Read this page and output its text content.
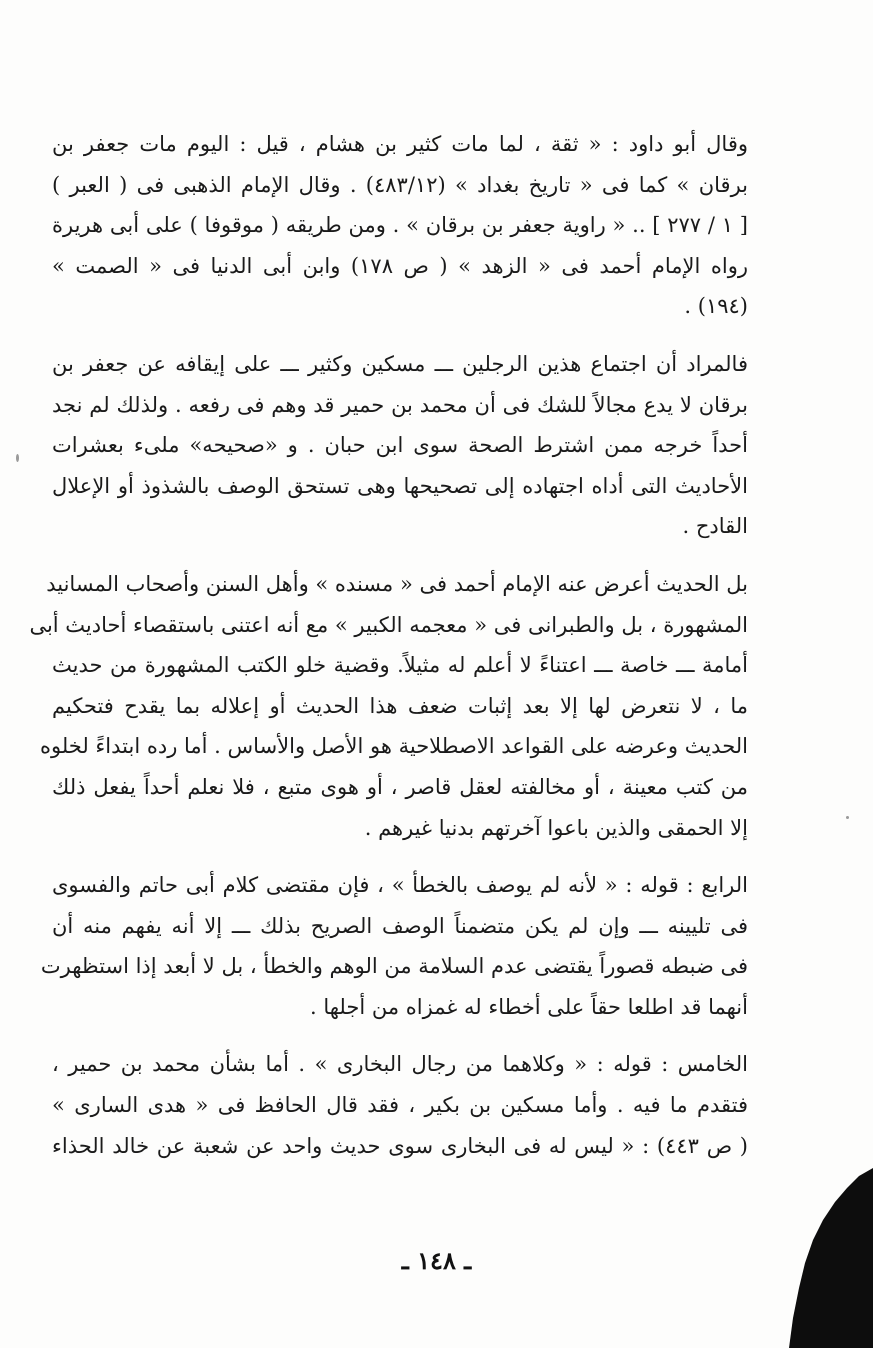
وقال أبو داود : « ثقة ، لما مات كثير بن هشام ، قيل : اليوم مات جعفر بن
برقان » كما فى « تاريخ بغداد » (٤٨٣/١٢) . وقال الإمام الذهبى فى ( العبر )
[ ١ / ٢٧٧ ] .. « راوية جعفر بن برقان » . ومن طريقه ( موقوفا ) على أبى هريرة
رواه الإمام أحمد فى « الزهد » ( ص ١٧٨) وابن أبى الدنيا فى « الصمت »
(١٩٤) .

فالمراد أن اجتماع هذين الرجلين ـــ مسكين وكثير ـــ على إيقافه عن جعفر بن
برقان لا يدع مجالاً للشك فى أن محمد بن حمير قد وهم فى رفعه . ولذلك لم نجد
أحداً خرجه ممن اشترط الصحة سوى ابن حبان . و «صحيحه» ملىء بعشرات
الأحاديث التى أداه اجتهاده إلى تصحيحها وهى تستحق الوصف بالشذوذ أو الإعلال
القادح .

بل الحديث أعرض عنه الإمام أحمد فى « مسنده » وأهل السنن وأصحاب المسانيد
المشهورة ، بل والطبرانى فى « معجمه الكبير » مع أنه اعتنى باستقصاء أحاديث أبى
أمامة ـــ خاصة ـــ اعتناءً لا أعلم له مثيلاً. وقضية خلو الكتب المشهورة من حديث
ما ، لا نتعرض لها إلا بعد إثبات ضعف هذا الحديث أو إعلاله بما يقدح فتحكيم
الحديث وعرضه على القواعد الاصطلاحية هو الأصل والأساس . أما رده ابتداءً لخلوه
من كتب معينة ، أو مخالفته لعقل قاصر ، أو هوى متبع ، فلا نعلم أحداً يفعل ذلك
إلا الحمقى والذين باعوا آخرتهم بدنيا غيرهم .

الرابع : قوله : « لأنه لم يوصف بالخطأ » ، فإن مقتضى كلام أبى حاتم والفسوى
فى تليينه ـــ وإن لم يكن متضمناً الوصف الصريح بذلك ـــ إلا أنه يفهم منه أن
فى ضبطه قصوراً يقتضى عدم السلامة من الوهم والخطأ ، بل لا أبعد إذا استظهرت
أنهما قد اطلعا حقاً على أخطاء له غمزاه من أجلها .

الخامس : قوله : « وكلاهما من رجال البخارى » . أما بشأن محمد بن حمير ،
فتقدم ما فيه . وأما مسكين بن بكير ، فقد قال الحافظ فى « هدى السارى »
( ص ٤٤٣) : « ليس له فى البخارى سوى حديث واحد عن شعبة عن خالد الحذاء

ـ ١٤٨ ـ
